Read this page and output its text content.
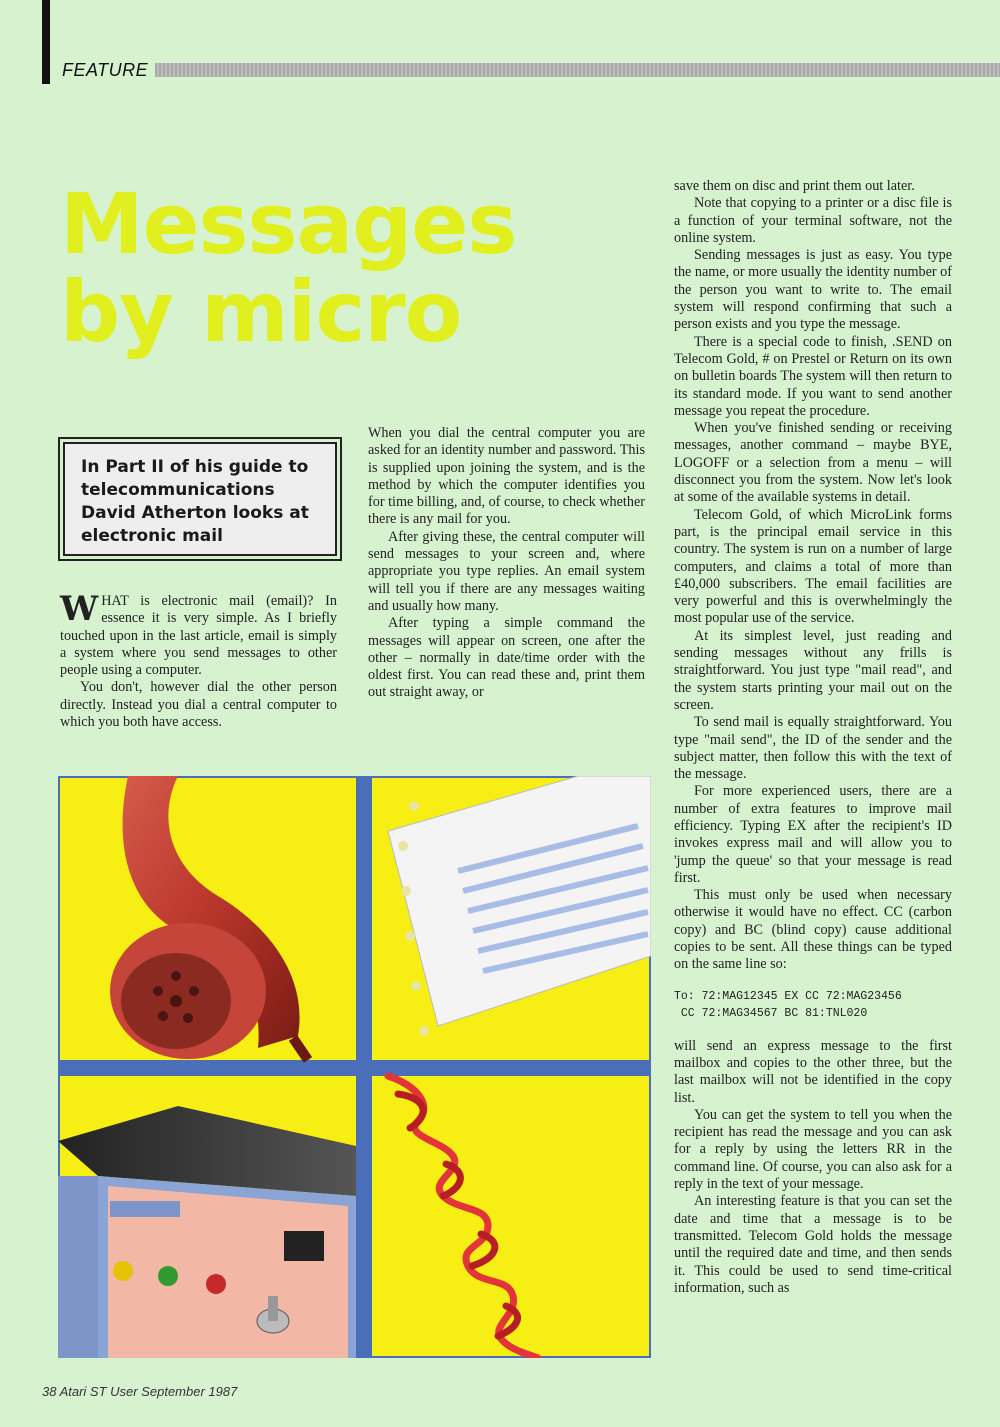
FEATURE
Messages
by micro
In Part II of his guide to telecommunications David Atherton looks at electronic mail

WHAT is electronic mail (email)? In essence it is very simple. As I briefly touched upon in the last article, email is simply a system where you send messages to other people using a computer.

You don't, however dial the other person directly. Instead you dial a central computer to which you both have access.

When you dial the central computer you are asked for an identity number and password. This is supplied upon joining the system, and is the method by which the computer identifies you for time billing, and, of course, to check whether there is any mail for you.

After giving these, the central computer will send messages to your screen and, where appropriate you type replies. An email system will tell you if there are any messages waiting and usually how many.

After typing a simple command the messages will appear on screen, one after the other – normally in date/time order with the oldest first. You can read these and, print them out straight away, or

save them on disc and print them out later.

Note that copying to a printer or a disc file is a function of your terminal software, not the online system.

Sending messages is just as easy. You type the name, or more usually the identity number of the person you want to write to. The email system will respond confirming that such a person exists and you type the message.

There is a special code to finish, .SEND on Telecom Gold, # on Prestel or Return on its own on bulletin boards The system will then return to its standard mode. If you want to send another message you repeat the procedure.

When you've finished sending or receiving messages, another command – maybe BYE, LOGOFF or a selection from a menu – will disconnect you from the system. Now let's look at some of the available systems in detail.

Telecom Gold, of which MicroLink forms part, is the principal email service in this country. The system is run on a number of large computers, and claims a total of more than £40,000 subscribers. The email facilities are very powerful and this is overwhelmingly the most popular use of the service.

At its simplest level, just reading and sending messages without any frills is straightforward. You just type "mail read", and the system starts printing your mail out on the screen.

To send mail is equally straightforward. You type "mail send", the ID of the sender and the subject matter, then follow this with the text of the message.

For more experienced users, there are a number of extra features to improve mail efficiency. Typing EX after the recipient's ID invokes express mail and will allow you to 'jump the queue' so that your message is read first.

This must only be used when necessary otherwise it would have no effect. CC (carbon copy) and BC (blind copy) cause additional copies to be sent. All these things can be typed on the same line so:

To: 72:MAG12345 EX CC 72:MAG23456
CC 72:MAG34567 BC 81:TNL020

will send an express message to the first mailbox and copies to the other three, but the last mailbox will not be identified in the copy list.

You can get the system to tell you when the recipient has read the message and you can ask for a reply by using the letters RR in the command line. Of course, you can also ask for a reply in the text of your message.

An interesting feature is that you can set the date and time that a message is to be transmitted. Telecom Gold holds the message until the required date and time, and then sends it. This could be used to send time-critical information, such as

38 Atari ST User September 1987
